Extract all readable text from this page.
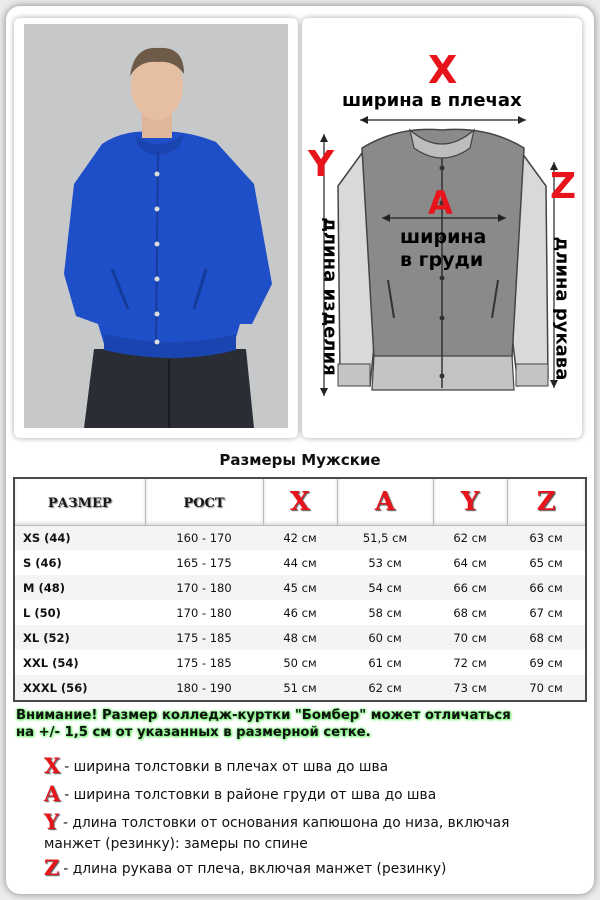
X
ширина в плечах
Y
длина изделия
Z
длина рукава
A
ширина
в груди
Размеры Мужские
РАЗМЕР	РОСТ	X	A	Y	Z
XS (44)	160 - 170	42 см	51,5 см	62 см	63 см
S (46)	165 - 175	44 см	53 см	64 см	65 см
M (48)	170 - 180	45 см	54 см	66 см	66 см
L (50)	170 - 180	46 см	58 см	68 см	67 см
XL (52)	175 - 185	48 см	60 см	70 см	68 см
XXL (54)	175 - 185	50 см	61 см	72 см	69 см
XXXL (56)	180 - 190	51 см	62 см	73 см	70 см
Внимание! Размер колледж-куртки "Бомбер" может отличаться
на +/- 1,5 см от указанных в размерной сетке.
X - ширина толстовки в плечах от шва до шва
A - ширина толстовки в районе груди от шва до шва
Y - длина толстовки от основания капюшона до низа, включая
манжет (резинку): замеры по спине
Z - длина рукава от плеча, включая манжет (резинку)
